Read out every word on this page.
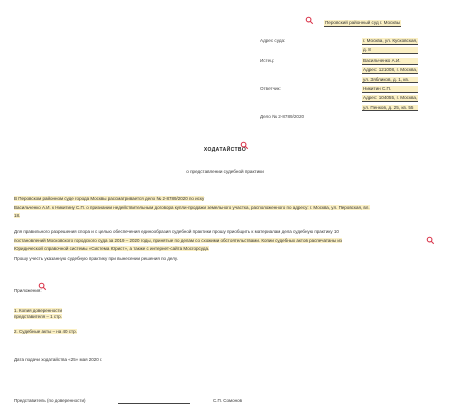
Перовский районный суд г. Москвы
Адрес суда:	г. Москва, ул. Кусковская,
д. 8
Истец:	Васильченко А.И.
Адрес: 121008, г. Москва,
ул. Зябликов, д. 1, кв.
Ответчик:	Никитин С.П.
Адрес: 104055, г. Москва,
ул. Пенков, д. 25, кв. 55
Дело № 2-8789/2020
ХОДАТАЙСТВО
о представлении судебной практики
В Перовском районном суде города Москвы рассматривается дело № 2-8789/2020 по иску
Васильченко А.И. к Никитину С.П. о признании недействительным договора купли-продажи земельного участка, расположенного по адресу: г. Москва, ул. Перовская, вл.
18.
Для правильного разрешения спора и с целью обеспечения единообразия судебной практики прошу приобщить к материалам дела судебную практику 10
постановлений Московского городского суда за 2019 – 2020 годы, принятые по делам со схожими обстоятельствами. Копии судебных актов распечатаны из
Юридической справочной системы «Система Юрист», а также с интернет-сайта Мосгорсуда.
Прошу учесть указанную судебную практику при вынесении решения по делу.
Приложения:
1. Копия доверенности
представителя – 1 стр.
2. Судебные акты – на 40 стр.
Дата подачи ходатайства «25» мая 2020 г.
Представитель (по доверенности)	С.П. Сомонов
